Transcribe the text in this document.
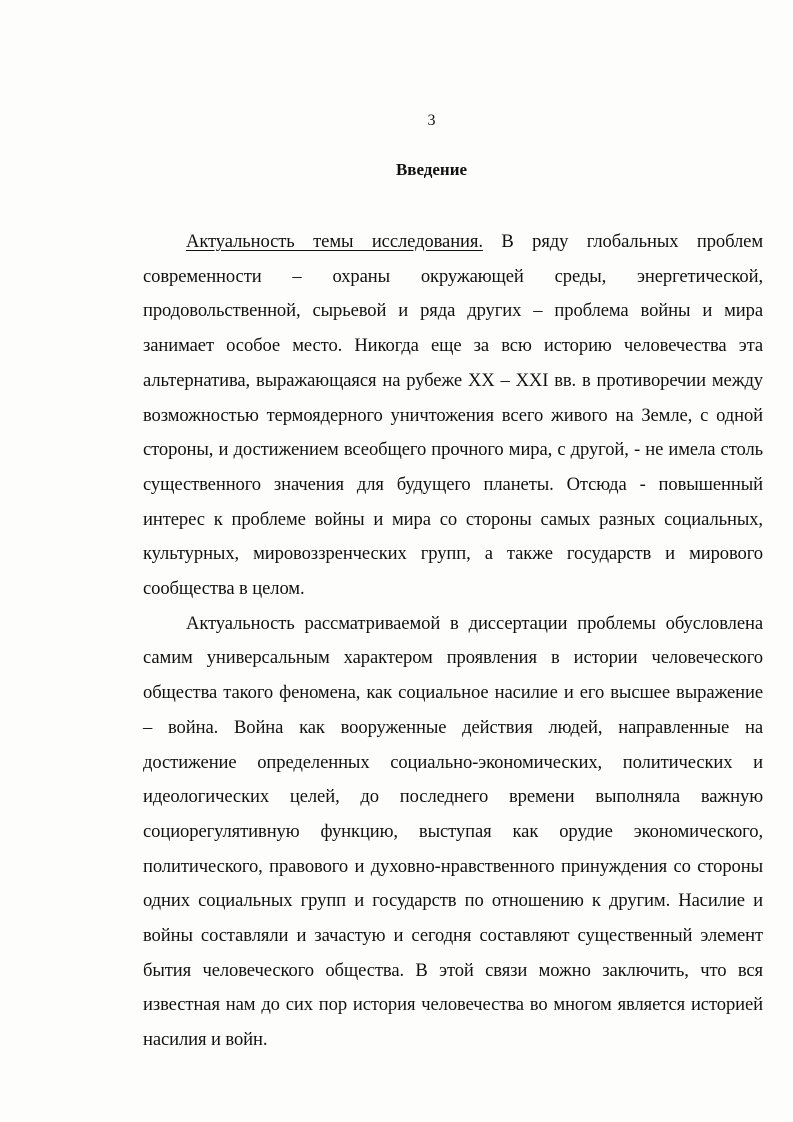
3
Введение

Актуальность темы исследования. В ряду глобальных проблем современности – охраны окружающей среды, энергетической, продовольственной, сырьевой и ряда других – проблема войны и мира занимает особое место. Никогда еще за всю историю человечества эта альтернатива, выражающаяся на рубеже XX – XXI вв. в противоречии между возможностью термоядерного уничтожения всего живого на Земле, с одной стороны, и достижением всеобщего прочного мира, с другой, - не имела столь существенного значения для будущего планеты. Отсюда - повышенный интерес к проблеме войны и мира со стороны самых разных социальных, культурных, мировоззренческих групп, а также государств и мирового сообщества в целом.

Актуальность рассматриваемой в диссертации проблемы обусловлена самим универсальным характером проявления в истории человеческого общества такого феномена, как социальное насилие и его высшее выражение – война. Война как вооруженные действия людей, направленные на достижение определенных социально-экономических, политических и идеологических целей, до последнего времени выполняла важную социорегулятивную функцию, выступая как орудие экономического, политического, правового и духовно-нравственного принуждения со стороны одних социальных групп и государств по отношению к другим. Насилие и войны составляли и зачастую и сегодня составляют существенный элемент бытия человеческого общества. В этой связи можно заключить, что вся известная нам до сих пор история человечества во многом является историей насилия и войн.
